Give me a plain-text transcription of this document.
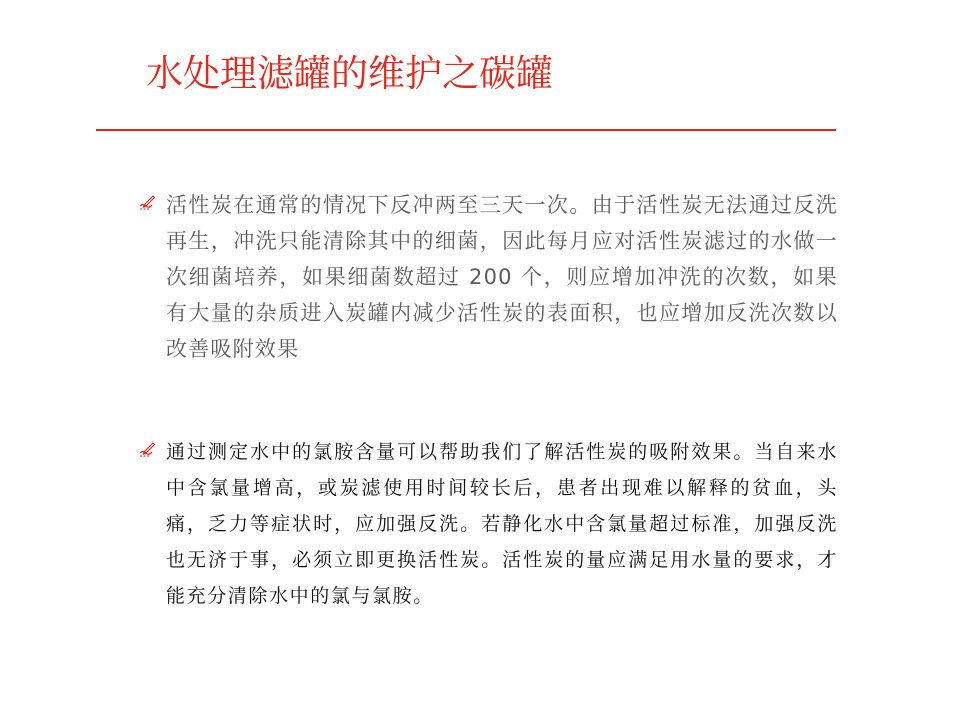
水处理滤罐的维护之碳罐
活性炭在通常的情况下反冲两至三天一次。由于活性炭无法通过反洗再生，冲洗只能清除其中的细菌，因此每月应对活性炭滤过的水做一次细菌培养，如果细菌数超过 200 个，则应增加冲洗的次数，如果有大量的杂质进入炭罐内减少活性炭的表面积，也应增加反洗次数以改善吸附效果
通过测定水中的氯胺含量可以帮助我们了解活性炭的吸附效果。当自来水中含氯量增高，或炭滤使用时间较长后，患者出现难以解释的贫血，头痛，乏力等症状时，应加强反洗。若静化水中含氯量超过标准，加强反洗也无济于事，必须立即更换活性炭。活性炭的量应满足用水量的要求，才能充分清除水中的氯与氯胺。
